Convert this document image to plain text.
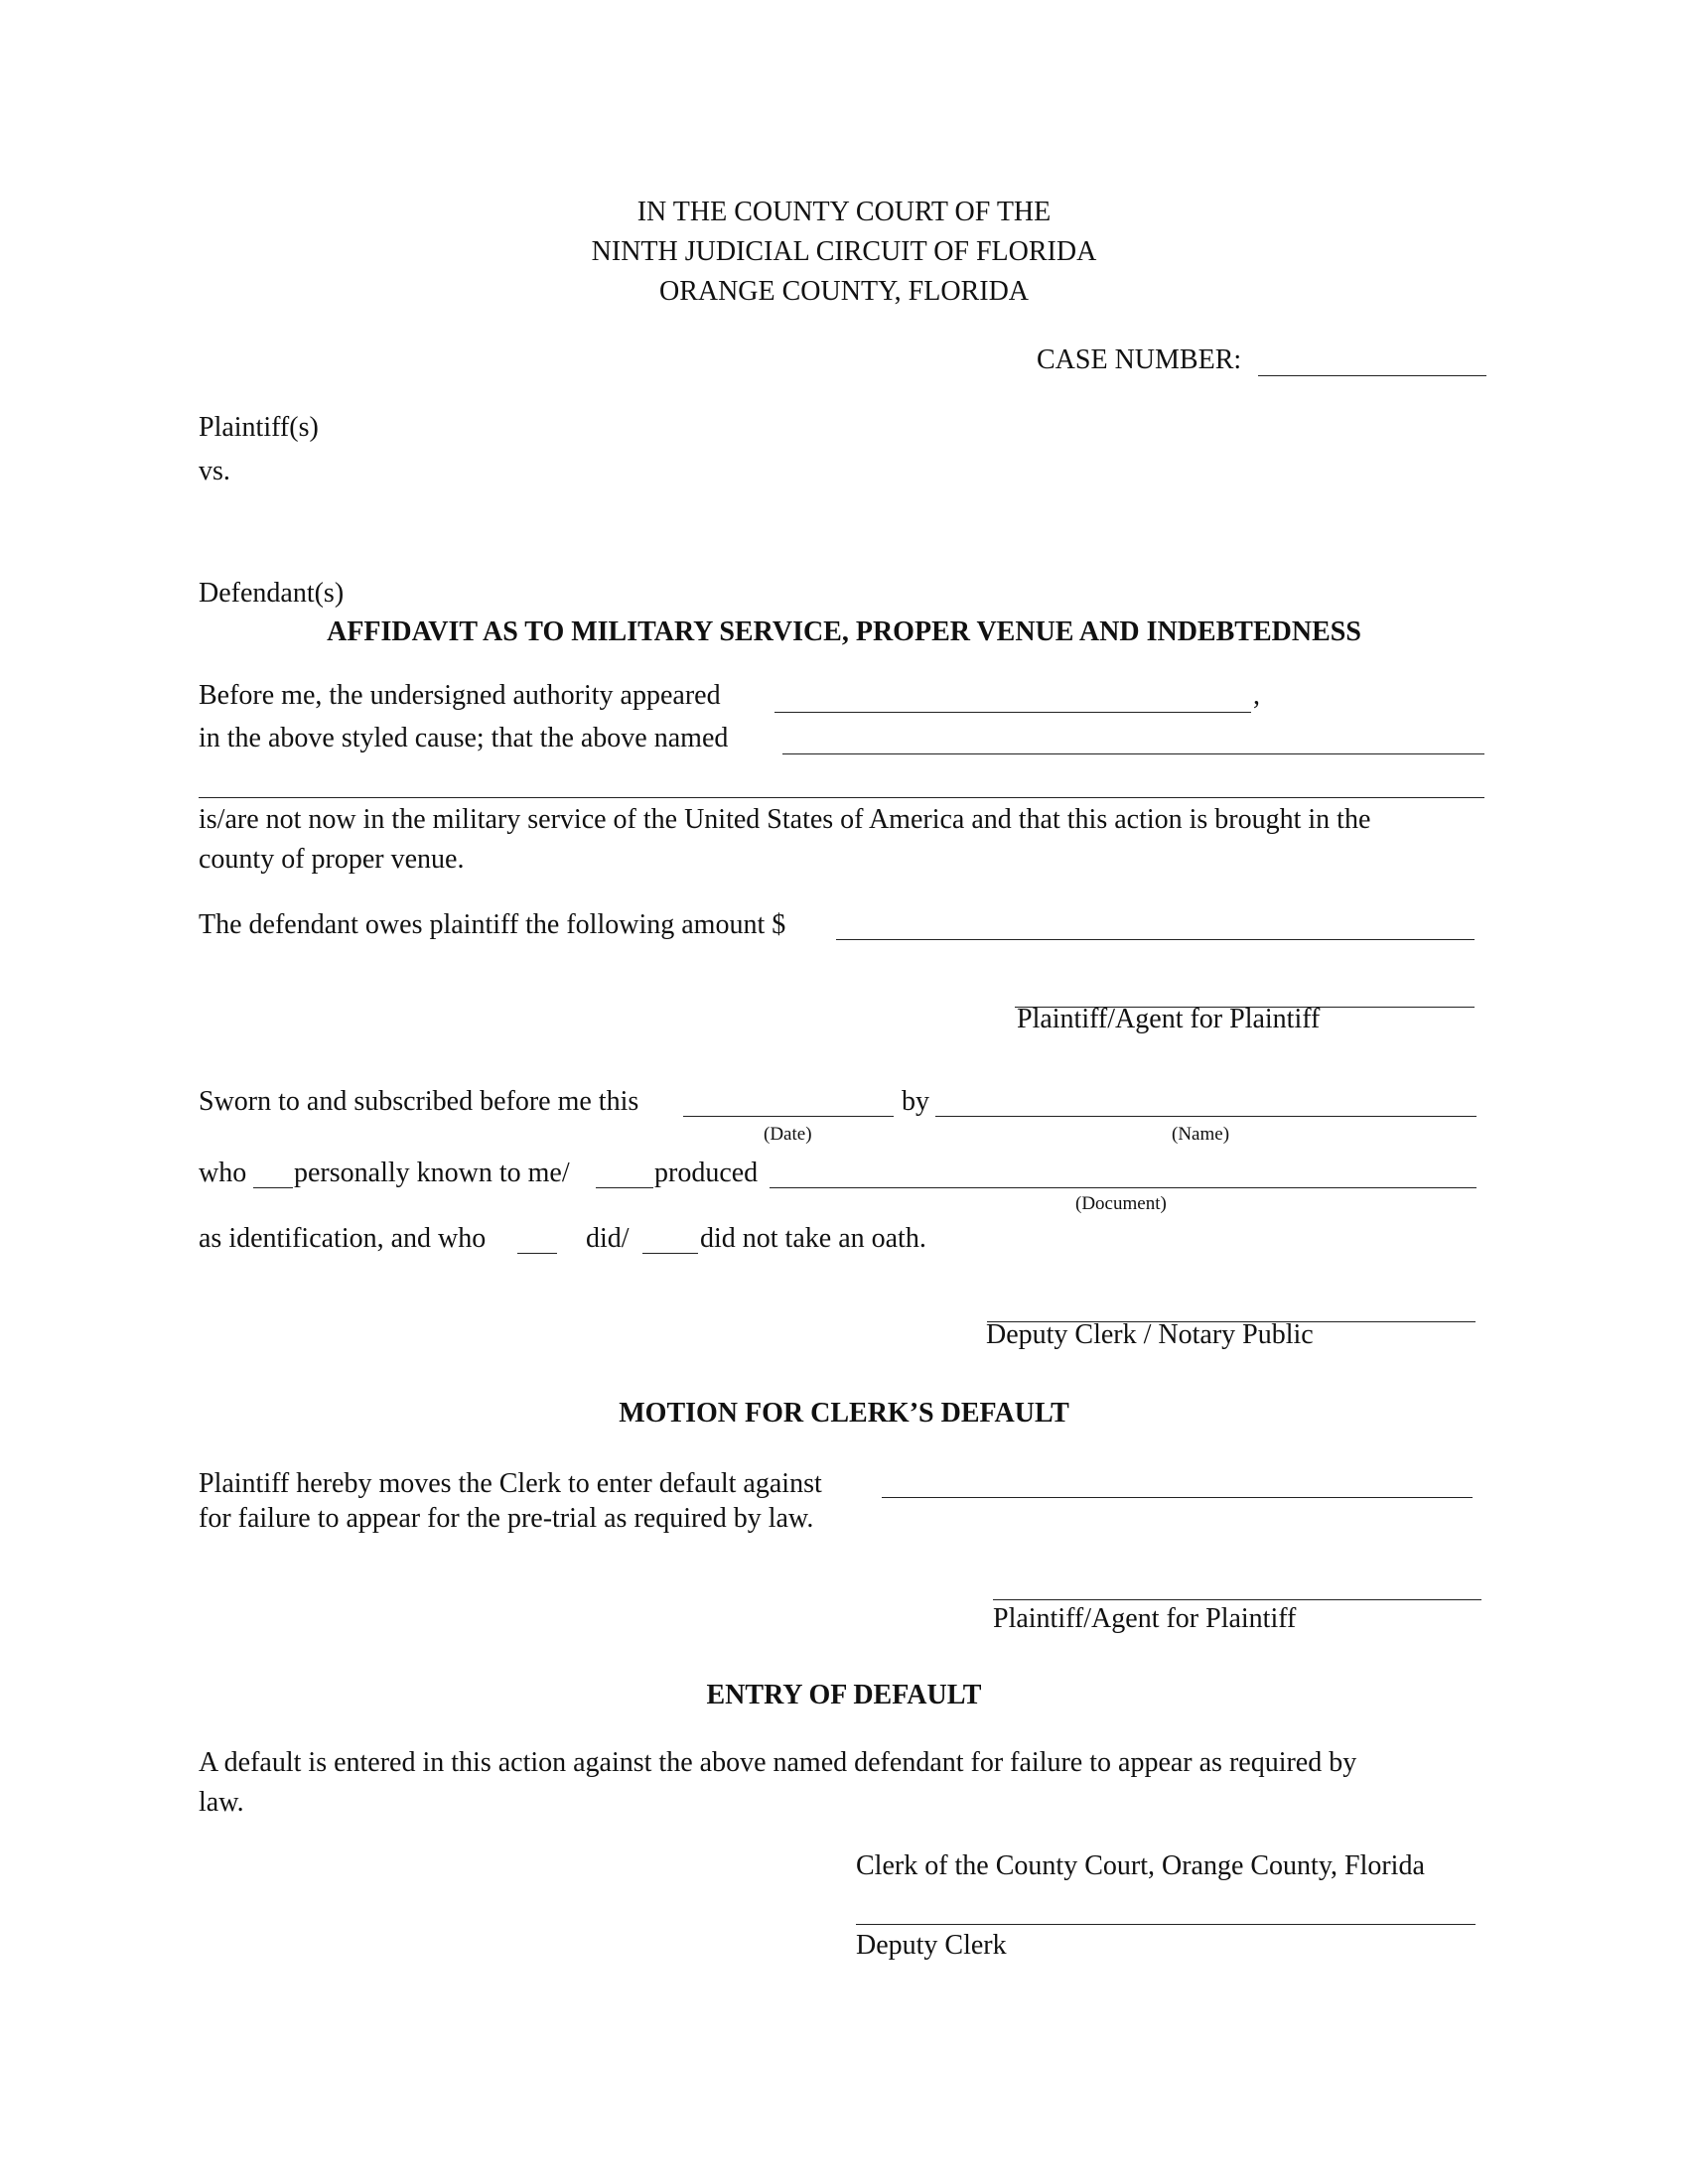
IN THE COUNTY COURT OF THE
NINTH JUDICIAL CIRCUIT OF FLORIDA
ORANGE COUNTY, FLORIDA
CASE NUMBER:
Plaintiff(s)
vs.
Defendant(s)
AFFIDAVIT AS TO MILITARY SERVICE, PROPER VENUE AND INDEBTEDNESS
Before me, the undersigned authority appeared	,
in the above styled cause; that the above named
is/are not now in the military service of the United States of America and that this action is brought in the
county of proper venue.
The defendant owes plaintiff the following amount $
Plaintiff/Agent for Plaintiff
Sworn to and subscribed before me this	by
(Date)	(Name)
who personally known to me/	produced
(Document)
as identification, and who	did/	did not take an oath.
Deputy Clerk / Notary Public
MOTION FOR CLERK’S DEFAULT
Plaintiff hereby moves the Clerk to enter default against
for failure to appear for the pre-trial as required by law.
Plaintiff/Agent for Plaintiff
ENTRY OF DEFAULT
A default is entered in this action against the above named defendant for failure to appear as required by
law.
Clerk of the County Court, Orange County, Florida
Deputy Clerk
